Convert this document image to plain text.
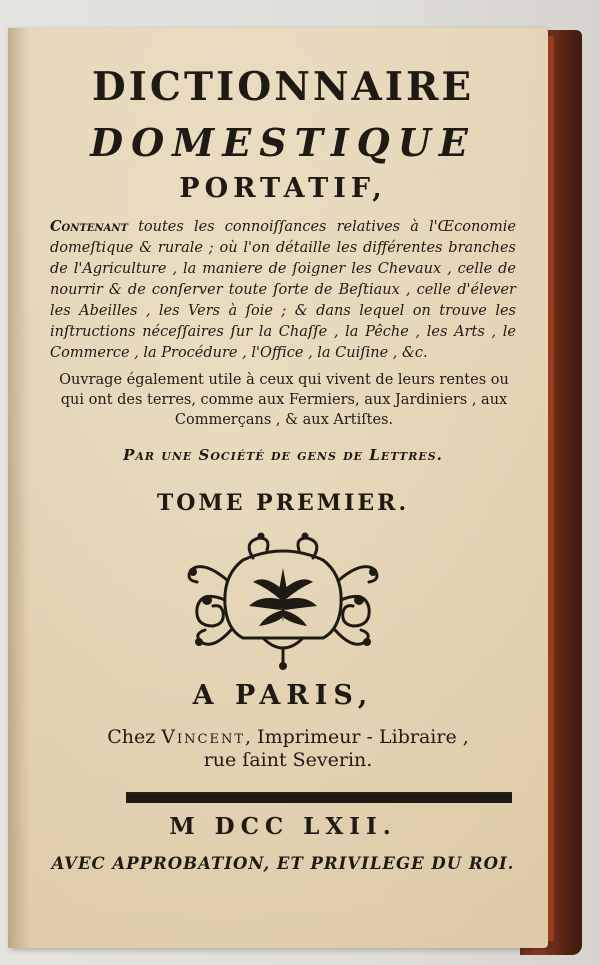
DICTIONNAIRE
DOMESTIQUE
PORTATIF,
Contenant toutes les connoiſſances relatives à l'Œconomie domeſtique & rurale ; où l'on détaille les différentes branches de l'Agriculture , la maniere de ſoigner les Chevaux , celle de nourrir & de conſerver toute ſorte de Beſtiaux , celle d'élever les Abeilles , les Vers à ſoie ; & dans lequel on trouve les inſtructions néceſſaires ſur la Chaſſe , la Pêche , les Arts , le Commerce , la Procédure , l'Office , la Cuiſine , &c.
Ouvrage également utile à ceux qui vivent de leurs rentes ou qui ont des terres, comme aux Fermiers, aux Jardiniers , aux Commerçans , & aux Artiſtes.
Par une Société de gens de Lettres.
TOME PREMIER.
A PARIS,
Chez Vincent, Imprimeur - Libraire ,
rue ſaint Severin.
M DCC LXII.
AVEC APPROBATION, ET PRIVILEGE DU ROI.
